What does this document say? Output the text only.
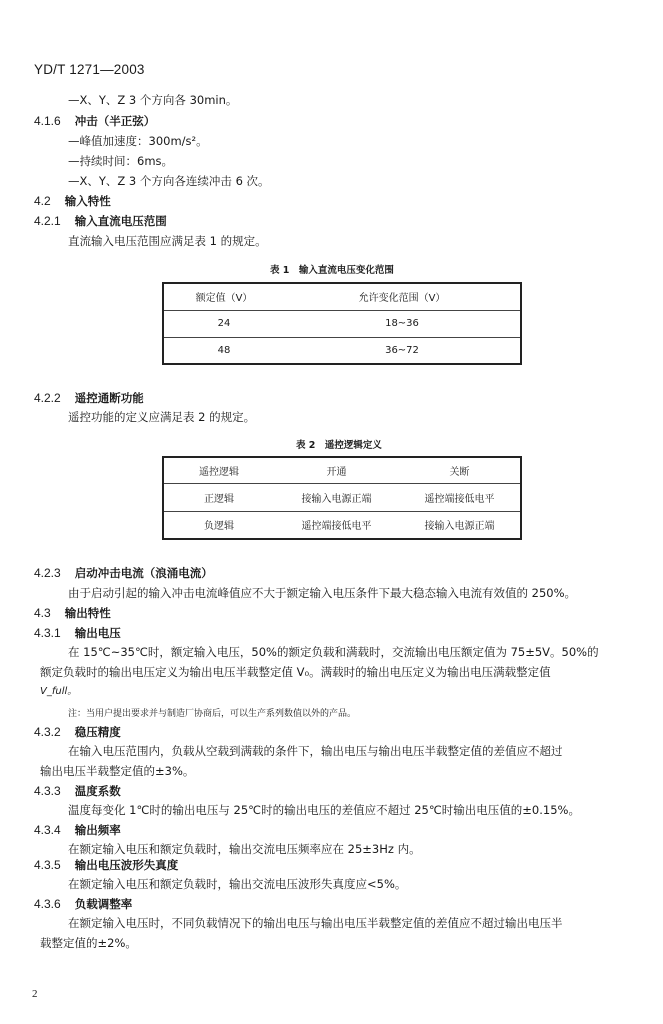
YD/T 1271—2003
—X、Y、Z 3 个方向各 30min。
4.1.6 冲击（半正弦）
—峰值加速度：300m/s²。
—持续时间：6ms。
—X、Y、Z 3 个方向各连续冲击 6 次。
4.2 输入特性
4.2.1 输入直流电压范围
直流输入电压范围应满足表 1 的规定。
表 1　输入直流电压变化范围
额定值（V）	允许变化范围（V）
24	18~36
48	36~72
4.2.2 遥控通断功能
遥控功能的定义应满足表 2 的规定。
表 2　遥控逻辑定义
遥控逻辑	开通	关断
正逻辑	接输入电源正端	遥控端接低电平
负逻辑	遥控端接低电平	接输入电源正端
4.2.3 启动冲击电流（浪涌电流）
由于启动引起的输入冲击电流峰值应不大于额定输入电压条件下最大稳态输入电流有效值的 250%。
4.3 输出特性
4.3.1 输出电压
在 15℃~35℃时，额定输入电压，50%的额定负载和满载时，交流输出电压额定值为 75±5V。50%的
额定负载时的输出电压定义为输出电压半载整定值 V₀。满载时的输出电压定义为输出电压满载整定值
V_full。
注：当用户提出要求并与制造厂协商后，可以生产系列数值以外的产品。
4.3.2 稳压精度
在输入电压范围内，负载从空载到满载的条件下，输出电压与输出电压半载整定值的差值应不超过
输出电压半载整定值的±3%。
4.3.3 温度系数
温度每变化 1℃时的输出电压与 25℃时的输出电压的差值应不超过 25℃时输出电压值的±0.15%。
4.3.4 输出频率
在额定输入电压和额定负载时，输出交流电压频率应在 25±3Hz 内。
4.3.5 输出电压波形失真度
在额定输入电压和额定负载时，输出交流电压波形失真度应<5%。
4.3.6 负载调整率
在额定输入电压时，不同负载情况下的输出电压与输出电压半载整定值的差值应不超过输出电压半
载整定值的±2%。
2
